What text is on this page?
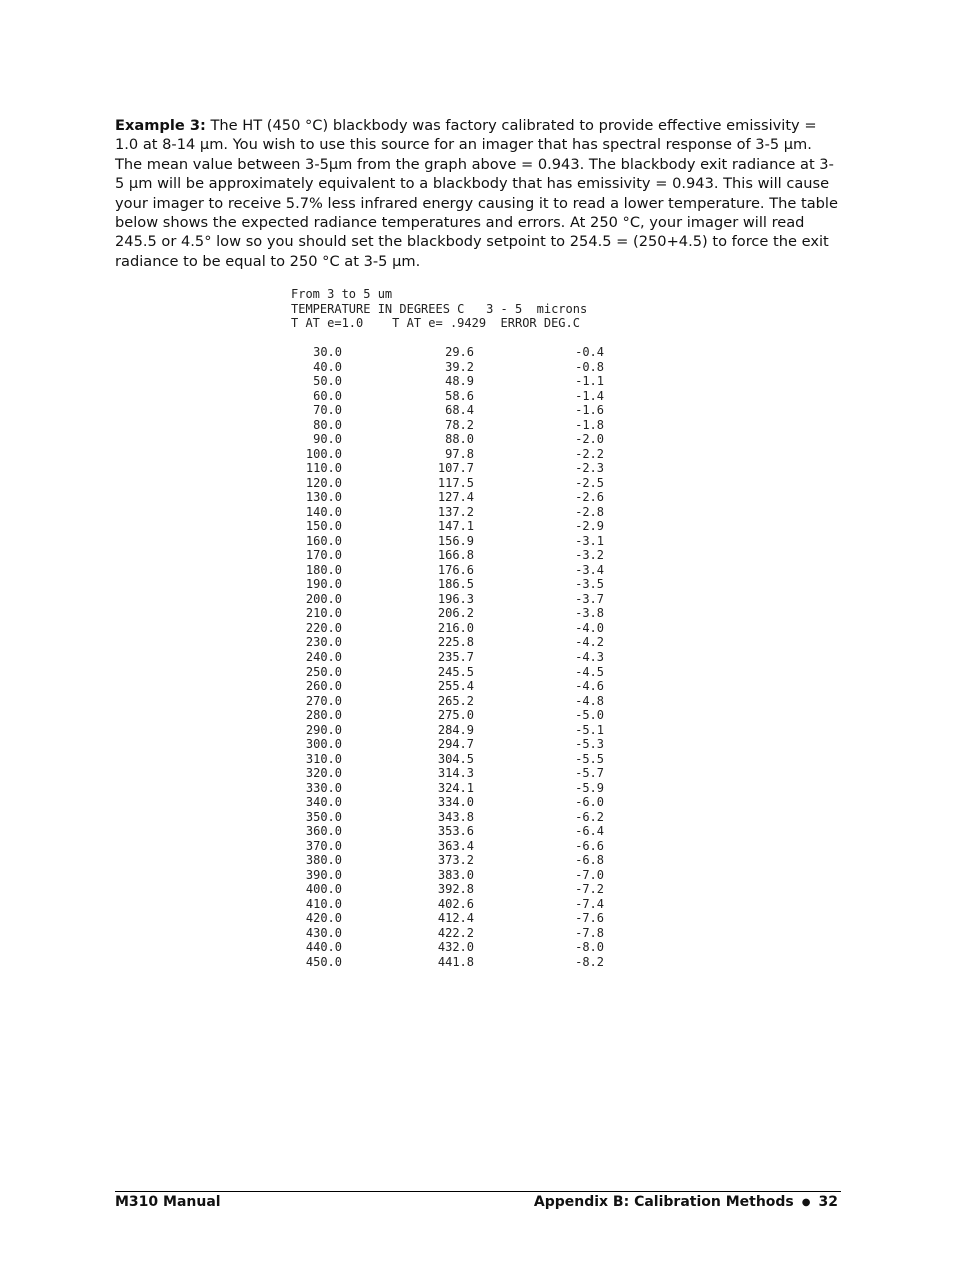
Example 3: The HT (450 °C) blackbody was factory calibrated to provide effective emissivity = 1.0 at 8-14 µm. You wish to use this source for an imager that has spectral response of 3-5 µm. The mean value between 3-5µm from the graph above = 0.943. The blackbody exit radiance at 3-5 µm will be approximately equivalent to a blackbody that has emissivity = 0.943. This will cause your imager to receive 5.7% less infrared energy causing it to read a lower temperature. The table below shows the expected radiance temperatures and errors. At 250 °C, your imager will read 245.5 or 4.5° low so you should set the blackbody setpoint to 254.5 = (250+4.5) to force the exit radiance to be equal to 250 °C at 3-5 µm.

From 3 to 5 um
TEMPERATURE IN DEGREES C   3 - 5  microns
T AT e=1.0    T AT e= .9429  ERROR DEG.C
30.0	29.6	-0.4
40.0	39.2	-0.8
50.0	48.9	-1.1
60.0	58.6	-1.4
70.0	68.4	-1.6
80.0	78.2	-1.8
90.0	88.0	-2.0
100.0	97.8	-2.2
110.0	107.7	-2.3
120.0	117.5	-2.5
130.0	127.4	-2.6
140.0	137.2	-2.8
150.0	147.1	-2.9
160.0	156.9	-3.1
170.0	166.8	-3.2
180.0	176.6	-3.4
190.0	186.5	-3.5
200.0	196.3	-3.7
210.0	206.2	-3.8
220.0	216.0	-4.0
230.0	225.8	-4.2
240.0	235.7	-4.3
250.0	245.5	-4.5
260.0	255.4	-4.6
270.0	265.2	-4.8
280.0	275.0	-5.0
290.0	284.9	-5.1
300.0	294.7	-5.3
310.0	304.5	-5.5
320.0	314.3	-5.7
330.0	324.1	-5.9
340.0	334.0	-6.0
350.0	343.8	-6.2
360.0	353.6	-6.4
370.0	363.4	-6.6
380.0	373.2	-6.8
390.0	383.0	-7.0
400.0	392.8	-7.2
410.0	402.6	-7.4
420.0	412.4	-7.6
430.0	422.2	-7.8
440.0	432.0	-8.0
450.0	441.8	-8.2
M310 Manual	Appendix B: Calibration Methods ● 32
